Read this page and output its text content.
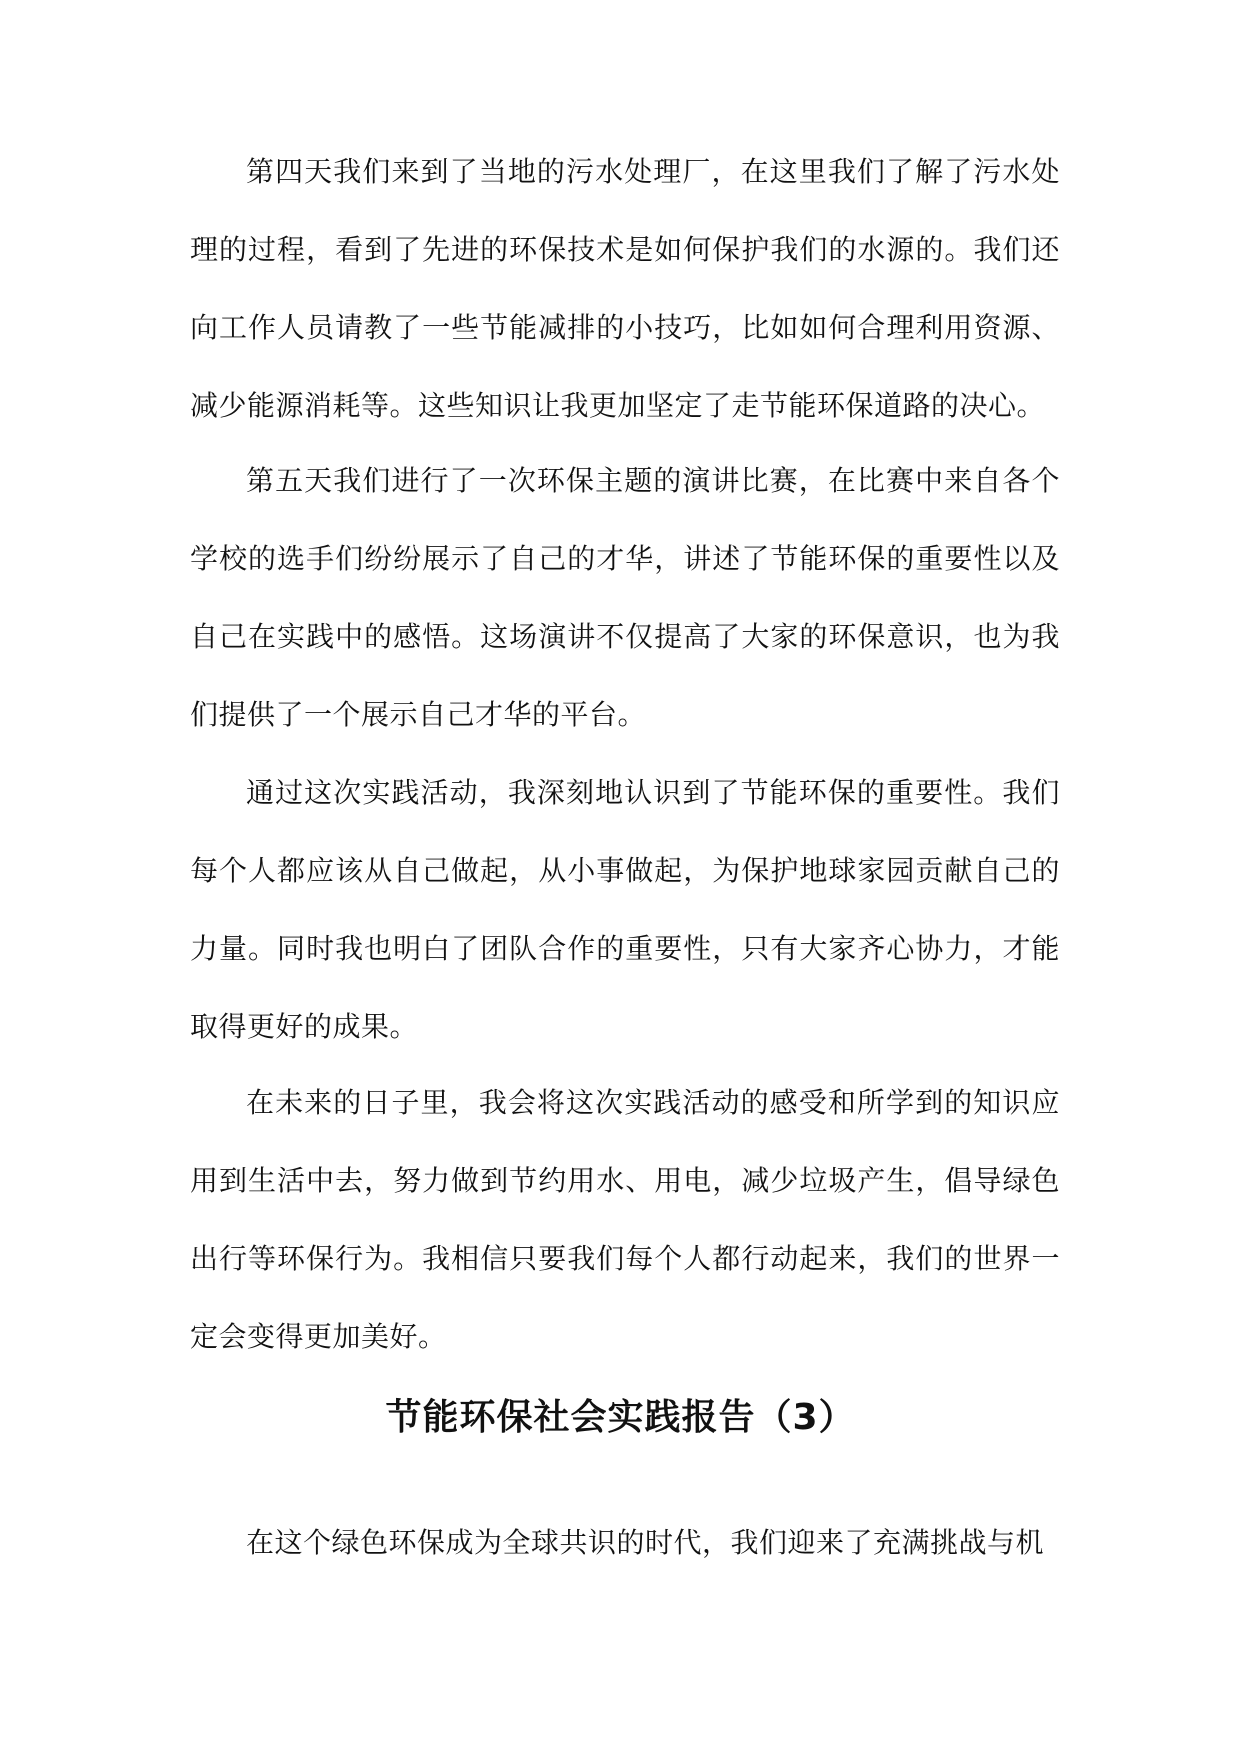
第四天我们来到了当地的污水处理厂，在这里我们了解了污水处理的过程，看到了先进的环保技术是如何保护我们的水源的。我们还向工作人员请教了一些节能减排的小技巧，比如如何合理利用资源、减少能源消耗等。这些知识让我更加坚定了走节能环保道路的决心。

第五天我们进行了一次环保主题的演讲比赛，在比赛中来自各个学校的选手们纷纷展示了自己的才华，讲述了节能环保的重要性以及自己在实践中的感悟。这场演讲不仅提高了大家的环保意识，也为我们提供了一个展示自己才华的平台。

通过这次实践活动，我深刻地认识到了节能环保的重要性。我们每个人都应该从自己做起，从小事做起，为保护地球家园贡献自己的力量。同时我也明白了团队合作的重要性，只有大家齐心协力，才能取得更好的成果。

在未来的日子里，我会将这次实践活动的感受和所学到的知识应用到生活中去，努力做到节约用水、用电，减少垃圾产生，倡导绿色出行等环保行为。我相信只要我们每个人都行动起来，我们的世界一定会变得更加美好。

节能环保社会实践报告（3）

在这个绿色环保成为全球共识的时代，我们迎来了充满挑战与机
